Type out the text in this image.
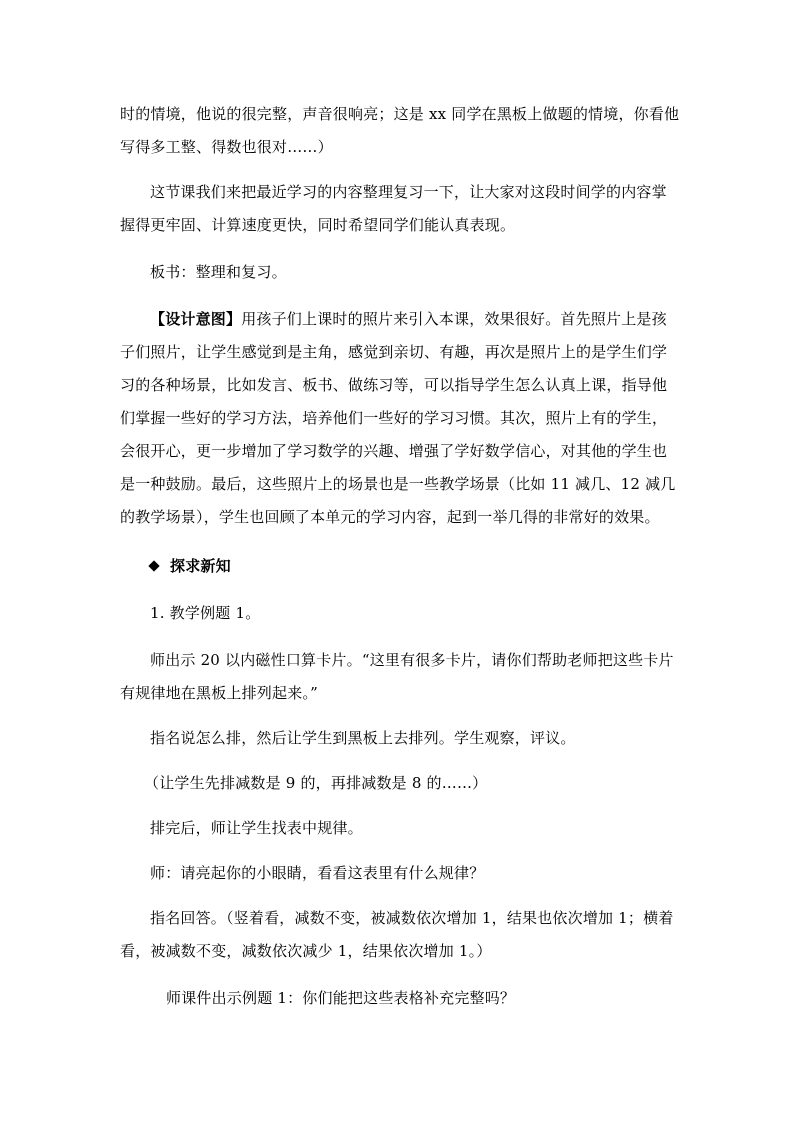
时的情境，他说的很完整，声音很响亮；这是 xx 同学在黑板上做题的情境，你看他写得多工整、得数也很对……）

这节课我们来把最近学习的内容整理复习一下，让大家对这段时间学的内容掌握得更牢固、计算速度更快，同时希望同学们能认真表现。

板书：整理和复习。

【设计意图】用孩子们上课时的照片来引入本课，效果很好。首先照片上是孩子们照片，让学生感觉到是主角，感觉到亲切、有趣，再次是照片上的是学生们学习的各种场景，比如发言、板书、做练习等，可以指导学生怎么认真上课，指导他们掌握一些好的学习方法，培养他们一些好的学习习惯。其次，照片上有的学生，会很开心，更一步增加了学习数学的兴趣、增强了学好数学信心，对其他的学生也是一种鼓励。最后，这些照片上的场景也是一些教学场景（比如 11 减几、12 减几的教学场景），学生也回顾了本单元的学习内容，起到一举几得的非常好的效果。

探求新知

1. 教学例题 1。

师出示 20 以内磁性口算卡片。“这里有很多卡片，请你们帮助老师把这些卡片有规律地在黑板上排列起来。”

指名说怎么排，然后让学生到黑板上去排列。学生观察，评议。

（让学生先排减数是 9 的，再排减数是 8 的……）

排完后，师让学生找表中规律。

师：请亮起你的小眼睛，看看这表里有什么规律？

指名回答。（竖着看，减数不变，被减数依次增加 1，结果也依次增加 1；横着看，被减数不变，减数依次减少 1，结果依次增加 1。）

师课件出示例题 1：你们能把这些表格补充完整吗？
